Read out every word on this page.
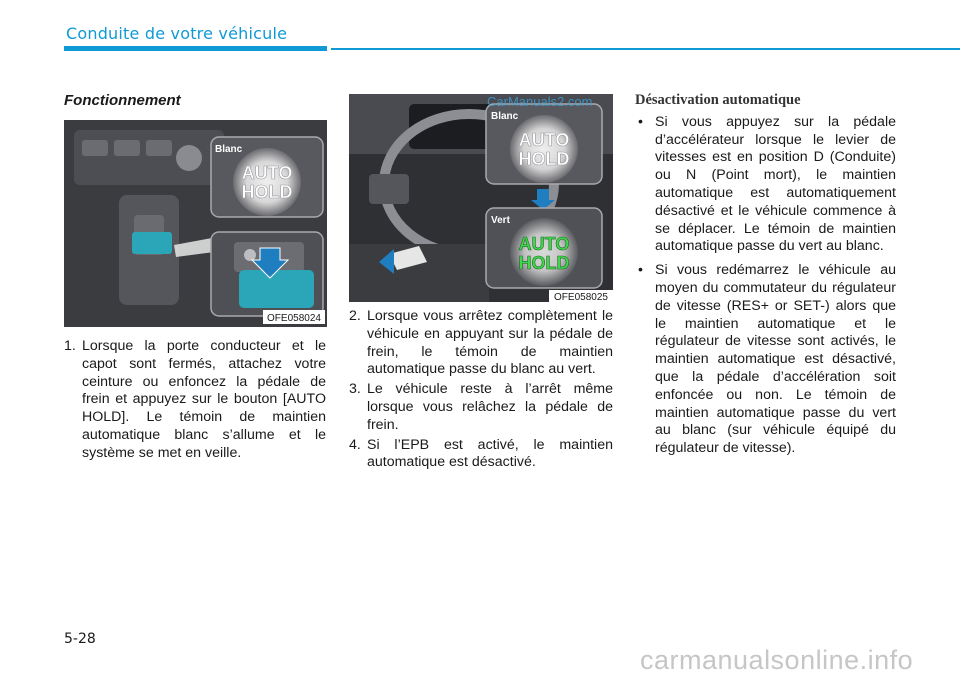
Conduite de votre véhicule
Fonctionnement
Blanc
AUTO
HOLD
OFE058024
1. Lorsque la porte conducteur et le capot sont fermés, attachez votre ceinture ou enfoncez la pédale de frein et appuyez sur le bouton [AUTO HOLD]. Le témoin de maintien automatique blanc s’allume et le système se met en veille.
Blanc
AUTO
HOLD
Vert
AUTO
HOLD
OFE058025
CarManuals2.com
2. Lorsque vous arrêtez complètement le véhicule en appuyant sur la pédale de frein, le témoin de maintien automatique passe du blanc au vert.
3. Le véhicule reste à l’arrêt même lorsque vous relâchez la pédale de frein.
4. Si l’EPB est activé, le maintien automatique est désactivé.
Désactivation automatique
• Si vous appuyez sur la pédale d’accélérateur lorsque le levier de vitesses est en position D (Conduite) ou N (Point mort), le maintien automatique est automatiquement désactivé et le véhicule commence à se déplacer. Le témoin de maintien automatique passe du vert au blanc.
• Si vous redémarrez le véhicule au moyen du commutateur du régulateur de vitesse (RES+ or SET-) alors que le maintien automatique et le régulateur de vitesse sont activés, le maintien automatique est désactivé, que la pédale d’accélération soit enfoncée ou non. Le témoin de maintien automatique passe du vert au blanc (sur véhicule équipé du régulateur de vitesse).
5-28
carmanualsonline.info
